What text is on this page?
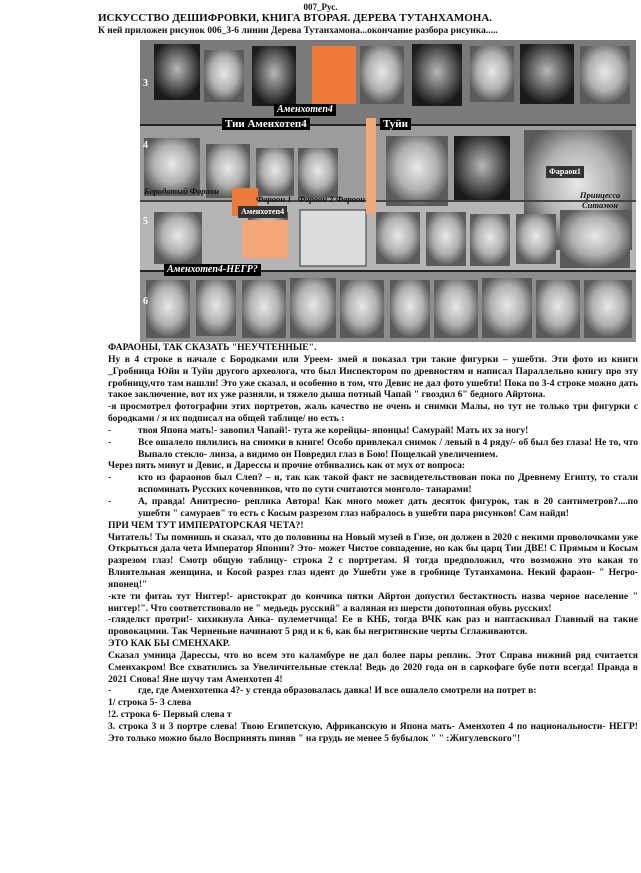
007_Рус.
ИСКУССТВО ДЕШИФРОВКИ, КНИГА ВТОРАЯ. ДЕРЕВА ТУТАНХАМОНА.
К ней приложен рисунок 006_3-6 линии Дерева Тутанхамона...окончание разбора рисунка.....
3
4
5
6
Аменхотеп4
Тии Аменхотеп4	Туйи
Фараон1
Бородатый Фараон
Фараон 1 Фараон 2 Фараон
Аменхотеп4
Принцесса Ситамон
Аменхотеп4-НЕГР?

ФАРАОНЫ, ТАК СКАЗАТЬ "НЕУЧТЕННЫЕ".

Ну в 4 строке в начале с Бородками или Уреем- змей я показал три такие фигурки – ушебти. Эти фото из книги _Гробница Юйи и Туйи другого археолога, что был Инспектором по древностям и написал Параллельно книгу про эту гробницу,что там нашли! Это уже сказал, и особенно в том, что Девис не дал фото ушебти! Пока по 3-4 строке можно дать такое заключение, вот их уже разняли, и тяжело дыша потный Чапай " гвоздил 6" бедного Айртона.

-я просмотрел фотографии этих портретов, жаль качество не очень и снимки Малы, но тут не только три фигурки с бородками / я их подписал на общей таблице/ но есть :

-	твоя Япона мать!- завопил Чапай!- тута же корейцы- японцы! Самурай! Мать их за ногу!

-	Все ошалело пялились на снимки в книге! Особо привлекал снимок / левый в 4 ряду/- об был без глаза! Не то, что Выпало стекло- линза, а видимо он Повредил глаз в Бою! Пощелкай увеличением.

Через пять минут и Девис, и Дарессы и прочие отбивались как от мух от вопроса:

-	кто из фараонов был Слеп? – и, так как такой факт не засвидетельствован пока по Древнему Египту, то стали вспоминать Русских кочевников, что по сути считаются монголо- танарами!

-	А, правда! Анитресно- реплика Автора! Как много может дать десяток фигурок, так в 20 сантиметров?....по ушебти " самураев" то есть с Косым разрезом глаз набралось в ушебти пара рисунков! Сам найди!

ПРИ ЧЕМ ТУТ ИМПЕРАТОРСКАЯ ЧЕТА?!

Читатель! Ты помнишь и сказал, что до половины на Новый музей в Гизе, он должен в 2020 с некими проволочками уже Открыться дала чета Император Японии? Это- может Чистое совпадение, но как бы царц Тии ДВЕ! С Прямым и Косым разрезом глаз! Смотр общую таблицу- строка 2 с портретам. Я тогда предположил, что возможно это какая то Влиятельная женщина, и Косой разрез глаз идент до Ушебти уже в гробнице Тутанхамона. Некий фараон- " Негро- японец!"

-кте ти фитаь тут Ниггер!- аристократ до кончика пятки Айртон допустил бестактность назва черное население " ниггер!". Что соответствовало не " медьедь русский" а валяная из шерсти допотопная обувь русских!

-гляделкт протри!- хихикнула Анка- пулеметчица! Ее в КНБ, тогда ВЧК как раз и наптаскивал Главный на такие провокацмии. Так Черненьие начинают 5 ряд и к 6, как бы негритянские черты Сглаживаются.

ЭТО КАК БЫ СМЕНХАКР.

Сказал умница Дарессы, что во всем это каламбуре не дал более пары реплик. Этот Справа нижний ряд считается Сменхакром! Все схватились за Увеличительные стекла! Ведь до 2020 года он в саркофаге бубе поти всегда! Правда в 2021 Снова! Яне шучу там Аменхотеп 4!

-	где, где Аменхотепка 4?- у стенда образовалась давка! И все ошалело смотрели на потрет в:

1/ строка 5- 3 слева

!2. строка 6- Первый слева т

3. строка 3 и 3 портре слева! Твою Египетскую, Африканскую и Япона мать- Аменхотеп 4 по национальности- НЕГР! Это только можно было Воспринять пиняв " на грудь не менее 5 бубылок " " :Жигулевского"!
